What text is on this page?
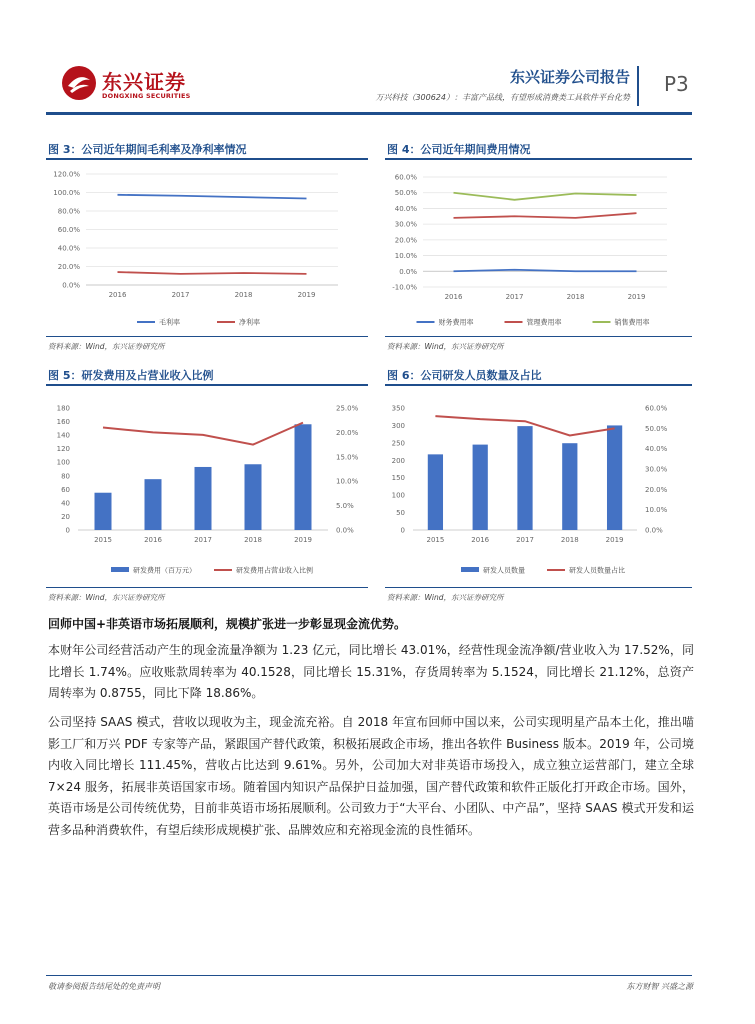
东兴证券
DONGXING SECURITIES
东兴证券公司报告
万兴科技（300624）：丰富产品线，有望形成消费类工具软件平台化势
P3
图 3：公司近年期间毛利率及净利率情况
0.0%
20.0%
40.0%
60.0%
80.0%
100.0%
120.0%
2016	2017	2018	2019
毛利率	净利率
资料来源：Wind，东兴证券研究所
图 4：公司近年期间费用情况
-10.0%
0.0%
10.0%
20.0%
30.0%
40.0%
50.0%
60.0%
2016	2017	2018	2019
财务费用率	管理费用率	销售费用率
资料来源：Wind，东兴证券研究所
图 5：研发费用及占营业收入比例
0
20
40
60
80
100
120
140
160
180
0.0%
5.0%
10.0%
15.0%
20.0%
25.0%
2015	2016	2017	2018	2019
研发费用（百万元）	研发费用占营业收入比例
资料来源：Wind，东兴证券研究所
图 6：公司研发人员数量及占比
0
50
100
150
200
250
300
350
0.0%
10.0%
20.0%
30.0%
40.0%
50.0%
60.0%
2015	2016	2017	2018	2019
研发人员数量	研发人员数量占比
资料来源：Wind，东兴证券研究所
回师中国+非英语市场拓展顺利，规模扩张进一步彰显现金流优势。
本财年公司经营活动产生的现金流量净额为 1.23 亿元，同比增长 43.01%，经营性现金流净额/营业收入为 17.52%，同比增长 1.74%。应收账款周转率为 40.1528，同比增长 15.31%，存货周转率为 5.1524，同比增长 21.12%，总资产周转率为 0.8755，同比下降 18.86%。
公司坚持 SAAS 模式，营收以现收为主，现金流充裕。自 2018 年宣布回师中国以来，公司实现明星产品本土化，推出喵影工厂和万兴 PDF 专家等产品，紧跟国产替代政策，积极拓展政企市场，推出各软件 Business 版本。2019 年，公司境内收入同比增长 111.45%，营收占比达到 9.61%。另外，公司加大对非英语市场投入，成立独立运营部门，建立全球 7×24 服务，拓展非英语国家市场。随着国内知识产品保护日益加强，国产替代政策和软件正版化打开政企市场。国外，英语市场是公司传统优势，目前非英语市场拓展顺利。公司致力于“大平台、小团队、中产品”，坚持 SAAS 模式开发和运营多品种消费软件，有望后续形成规模扩张、品牌效应和充裕现金流的良性循环。
敬请参阅报告结尾处的免责声明	东方财智 兴盛之源
